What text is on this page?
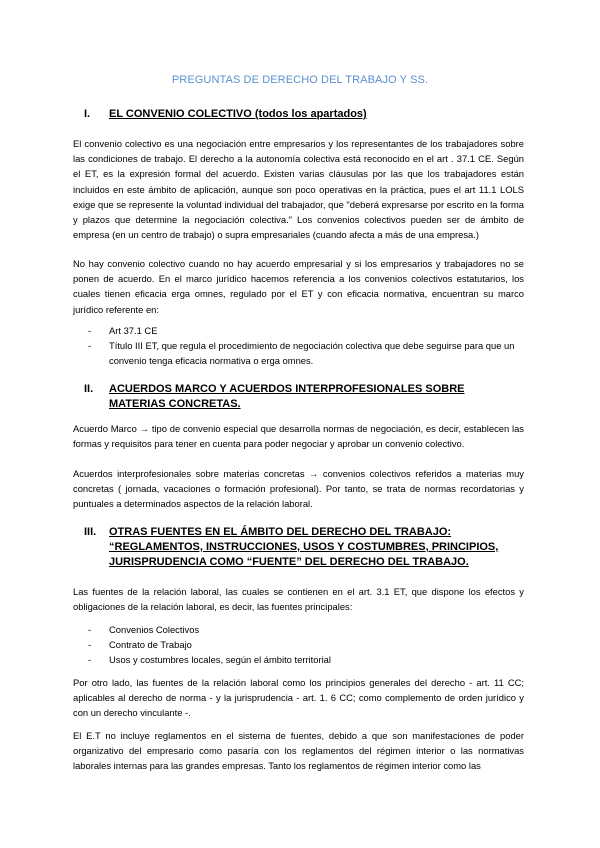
PREGUNTAS DE DERECHO DEL TRABAJO Y SS.
I. EL CONVENIO COLECTIVO (todos los apartados)

El convenio colectivo es una negociación entre empresarios y los representantes de los trabajadores sobre las condiciones de trabajo. El derecho a la autonomía colectiva está reconocido en el art . 37.1 CE. Según el ET, es la expresión formal del acuerdo. Existen varias cláusulas por las que los trabajadores están incluidos en este ámbito de aplicación, aunque son poco operativas en la práctica, pues el art 11.1 LOLS exige que se represente la voluntad individual del trabajador, que "deberá expresarse por escrito en la forma y plazos que determine la negociación colectiva." Los convenios colectivos pueden ser de ámbito de empresa (en un centro de trabajo) o supra empresariales (cuando afecta a más de una empresa.)

No hay convenio colectivo cuando no hay acuerdo empresarial y si los empresarios y trabajadores no se ponen de acuerdo. En el marco jurídico hacemos referencia a los convenios colectivos estatutarios, los cuales tienen eficacia erga omnes, regulado por el ET y con eficacia normativa, encuentran su marco jurídico referente en:

- Art 37.1 CE
- Título III ET, que regula el procedimiento de negociación colectiva que debe seguirse para que un convenio tenga eficacia normativa o erga omnes.
II. ACUERDOS MARCO Y ACUERDOS INTERPROFESIONALES SOBRE MATERIAS CONCRETAS.

Acuerdo Marco → tipo de convenio especial que desarrolla normas de negociación, es decir, establecen las formas y requisitos para tener en cuenta para poder negociar y aprobar un convenio colectivo.

Acuerdos interprofesionales sobre materias concretas → convenios colectivos referidos a materias muy concretas ( jornada, vacaciones o formación profesional). Por tanto, se trata de normas recordatorias y puntuales a determinados aspectos de la relación laboral.

III. OTRAS FUENTES EN EL ÁMBITO DEL DERECHO DEL TRABAJO: “REGLAMENTOS, INSTRUCCIONES, USOS Y COSTUMBRES, PRINCIPIOS, JURISPRUDENCIA COMO “FUENTE” DEL DERECHO DEL TRABAJO.

Las fuentes de la relación laboral, las cuales se contienen en el art. 3.1 ET, que dispone los efectos y obligaciones de la relación laboral, es decir, las fuentes principales:

- Convenios Colectivos
- Contrato de Trabajo
- Usos y costumbres locales, según el ámbito territorial

Por otro lado, las fuentes de la relación laboral como los principios generales del derecho - art. 11 CC; aplicables al derecho de norma - y la jurisprudencia - art. 1. 6 CC; como complemento de orden jurídico y con un derecho vinculante -.

El E.T no incluye reglamentos en el sistema de fuentes, debido a que son manifestaciones de poder organizativo del empresario como pasaría con los reglamentos del régimen interior o las normativas laborales internas para las grandes empresas. Tanto los reglamentos de régimen interior como las
